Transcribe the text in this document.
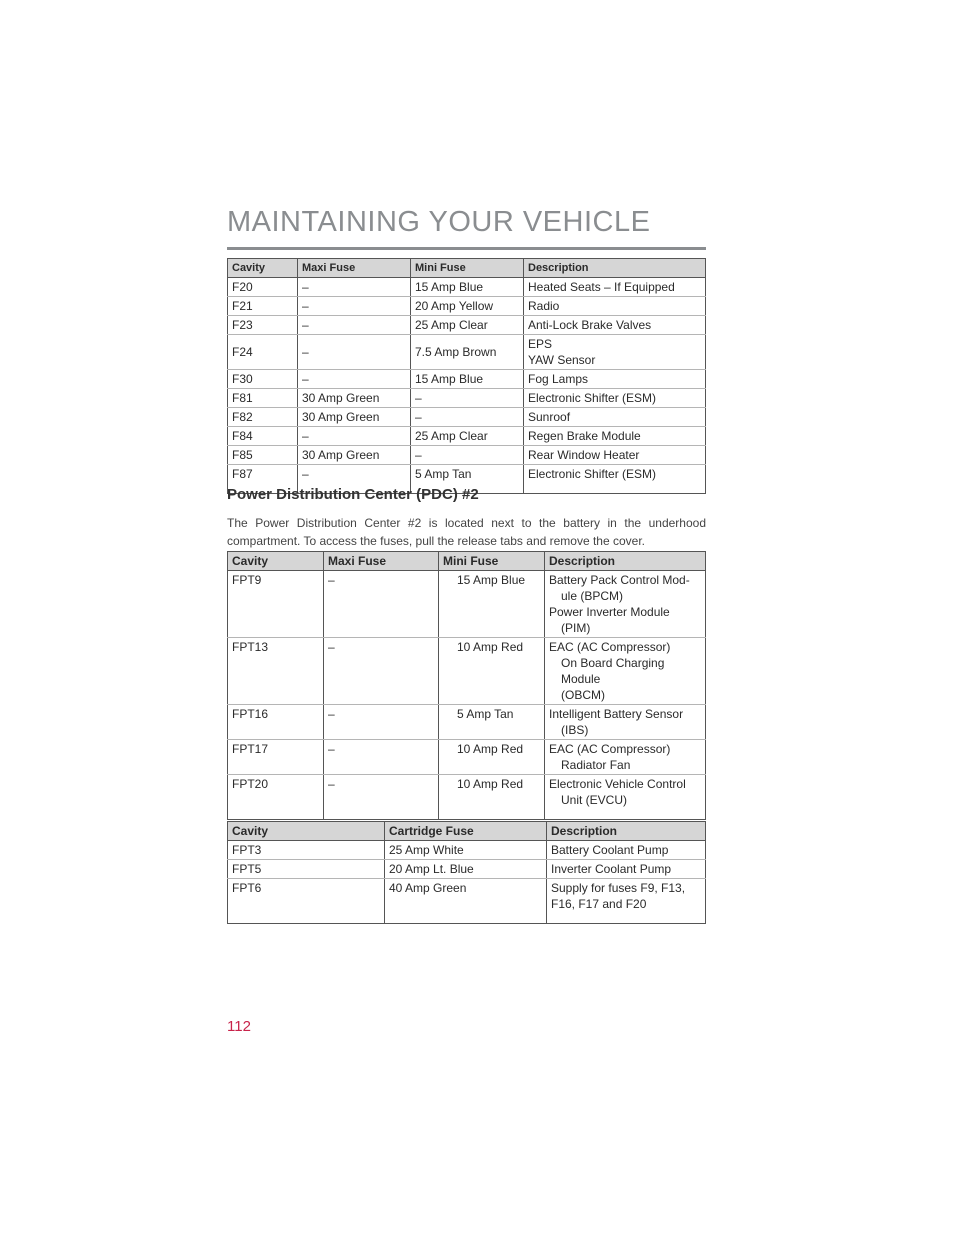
MAINTAINING YOUR VEHICLE
Cavity	Maxi Fuse	Mini Fuse	Description
F20	–	15 Amp Blue	Heated Seats – If Equipped
F21	–	20 Amp Yellow	Radio
F23	–	25 Amp Clear	Anti-Lock Brake Valves
F24	–	7.5 Amp Brown	EPS
YAW Sensor

F30	–	15 Amp Blue	Fog Lamps
F81	30 Amp Green	–	Electronic Shifter (ESM)
F82	30 Amp Green	–	Sunroof
F84	–	25 Amp Clear	Regen Brake Module
F85	30 Amp Green	–	Rear Window Heater
F87	–	5 Amp Tan	Electronic Shifter (ESM)
Power Distribution Center (PDC) #2

The Power Distribution Center #2 is located next to the battery in the underhood compartment. To access the fuses, pull the release tabs and remove the cover.

Cavity	Maxi Fuse	Mini Fuse	Description
FPT9	–	15 Amp Blue	Battery Pack Control Mod-
ule (BPCM)
Power Inverter Module
(PIM)

FPT13	–	10 Amp Red	EAC (AC Compressor)
On Board Charging Module
(OBCM)

FPT16	–	5 Amp Tan	Intelligent Battery Sensor
(IBS)

FPT17	–	10 Amp Red	EAC (AC Compressor)
Radiator Fan

FPT20	–	10 Amp Red	Electronic Vehicle Control
Unit (EVCU)
Cavity	Cartridge Fuse	Description
FPT3	25 Amp White	Battery Coolant Pump
FPT5	20 Amp Lt. Blue	Inverter Coolant Pump
FPT6	40 Amp Green	Supply for fuses F9, F13,
F16, F17 and F20
112
